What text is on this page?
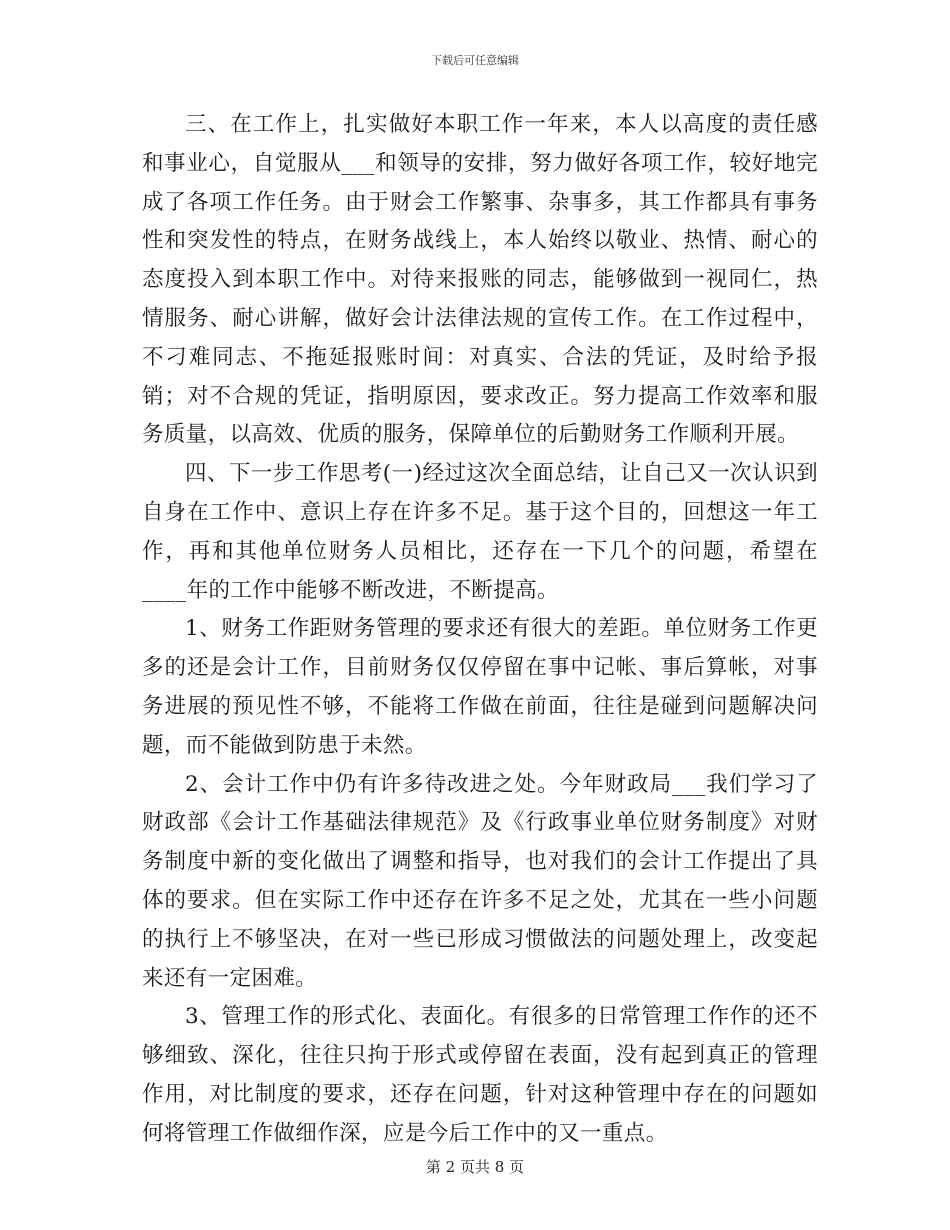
下载后可任意编辑

三、在工作上，扎实做好本职工作一年来，本人以高度的责任感和事业心，自觉服从___和领导的安排，努力做好各项工作，较好地完成了各项工作任务。由于财会工作繁事、杂事多，其工作都具有事务性和突发性的特点，在财务战线上，本人始终以敬业、热情、耐心的态度投入到本职工作中。对待来报账的同志，能够做到一视同仁，热情服务、耐心讲解，做好会计法律法规的宣传工作。在工作过程中，不刁难同志、不拖延报账时间：对真实、合法的凭证，及时给予报销；对不合规的凭证，指明原因，要求改正。努力提高工作效率和服务质量，以高效、优质的服务，保障单位的后勤财务工作顺利开展。

四、下一步工作思考(一)经过这次全面总结，让自己又一次认识到自身在工作中、意识上存在许多不足。基于这个目的，回想这一年工作，再和其他单位财务人员相比，还存在一下几个的问题，希望在____年的工作中能够不断改进，不断提高。

1、财务工作距财务管理的要求还有很大的差距。单位财务工作更多的还是会计工作，目前财务仅仅停留在事中记帐、事后算帐，对事务进展的预见性不够，不能将工作做在前面，往往是碰到问题解决问题，而不能做到防患于未然。

2、会计工作中仍有许多待改进之处。今年财政局___我们学习了财政部《会计工作基础法律规范》及《行政事业单位财务制度》对财务制度中新的变化做出了调整和指导，也对我们的会计工作提出了具体的要求。但在实际工作中还存在许多不足之处，尤其在一些小问题的执行上不够坚决，在对一些已形成习惯做法的问题处理上，改变起来还有一定困难。

3、管理工作的形式化、表面化。有很多的日常管理工作作的还不够细致、深化，往往只拘于形式或停留在表面，没有起到真正的管理作用，对比制度的要求，还存在问题，针对这种管理中存在的问题如何将管理工作做细作深，应是今后工作中的又一重点。

第 2 页共 8 页
